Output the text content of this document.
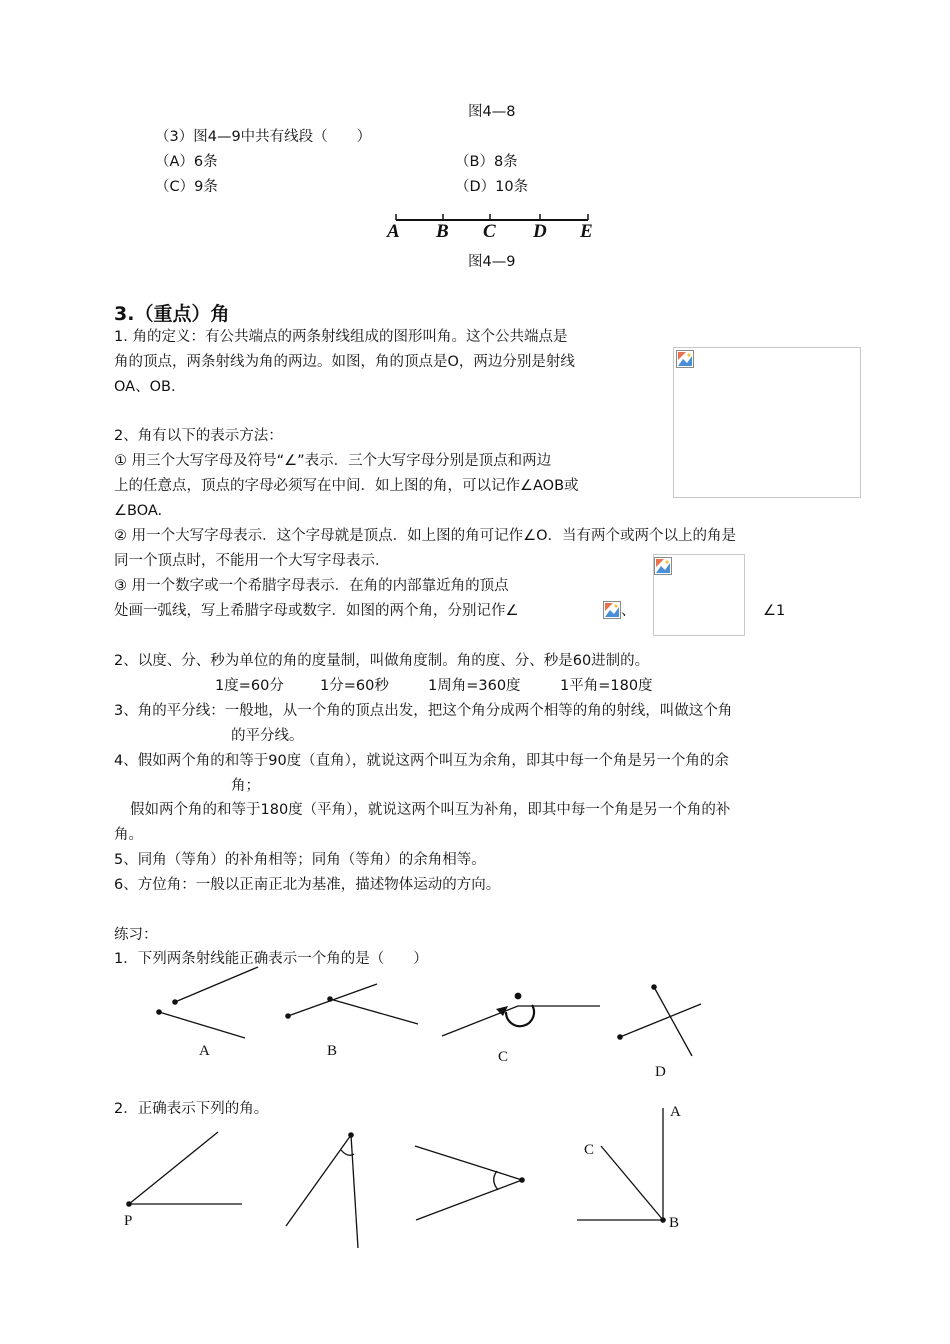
图4—8
（3）图4—9中共有线段（　　）
（A）6条	（B）8条
（C）9条	（D）10条
A B C D E
图4—9
3.（重点）角
1. 角的定义：有公共端点的两条射线组成的图形叫角。这个公共端点是
角的顶点，两条射线为角的两边。如图，角的顶点是O，两边分别是射线
OA、OB.
2、角有以下的表示方法：
① 用三个大写字母及符号“∠”表示．三个大写字母分别是顶点和两边
上的任意点，顶点的字母必须写在中间．如上图的角，可以记作∠AOB或
∠BOA.
② 用一个大写字母表示．这个字母就是顶点．如上图的角可记作∠O．当有两个或两个以上的角是
同一个顶点时，不能用一个大写字母表示．
③ 用一个数字或一个希腊字母表示．在角的内部靠近角的顶点
处画一弧线，写上希腊字母或数字．如图的两个角，分别记作∠	、	∠1
2、以度、分、秒为单位的角的度量制，叫做角度制。角的度、分、秒是60进制的。
1度=60分 1分=60秒	1周角=360度	1平角=180度
3、角的平分线：一般地，从一个角的顶点出发，把这个角分成两个相等的角的射线，叫做这个角
的平分线。
4、假如两个角的和等于90度（直角），就说这两个叫互为余角，即其中每一个角是另一个角的余
角；
假如两个角的和等于180度（平角），就说这两个叫互为补角，即其中每一个角是另一个角的补
角。
5、同角（等角）的补角相等；同角（等角）的余角相等。
6、方位角：一般以正南正北为基准，描述物体运动的方向。
练习：
1．下列两条射线能正确表示一个角的是（　　）
A	B	C
D
2．正确表示下列的角。
P
A
C
B
